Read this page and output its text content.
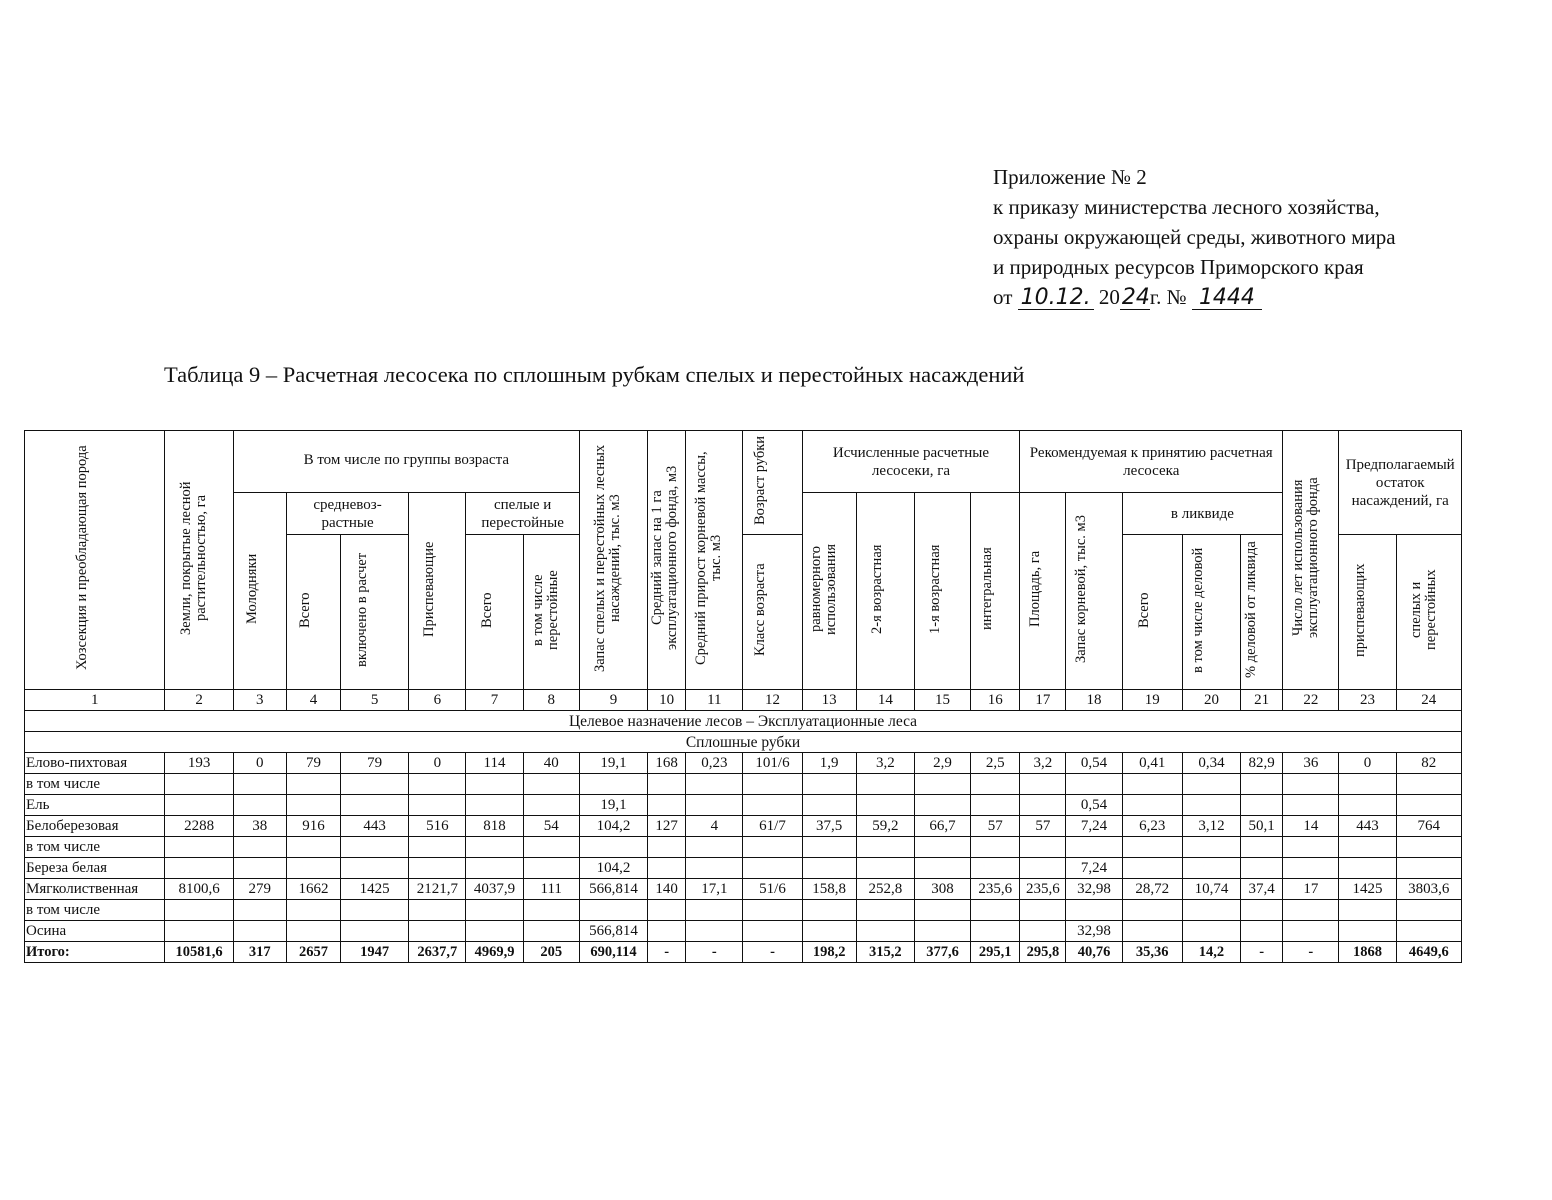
Приложение № 2
к приказу министерства лесного хозяйства,
охраны окружающей среды, животного мира
и природных ресурсов Приморского края
от 10.12. 2024г. № 1444
Таблица 9 – Расчетная лесосека по сплошным рубкам спелых и перестойных насаждений
Хозсекция и преобладающая порода	Земли, покрытые лесной растительностью, га	В том числе по группы возраста						Запас спелых и перестойных лесных насаждений, тыс. м3	Средний запас на 1 га эксплуатационного фонда, м3	Средний прирост корневой массы, тыс. м3	Возраст рубки	Исчисленные расчетные лесосеки, га				Рекомендуемая к принятию расчетная лесосека					Число лет использования эксплуатационного фонда	Предполагаемый остаток насаждений, га	
		Молодняки	средневоз-растные		Приспевающие	спелые и перестойные						равномерного использования	2-я возрастная	1-я возрастная	интегральная	Площадь, га	Запас корневой, тыс. м3	в ликвиде					
			Всего	включено в расчет		Всего	в том числе перестойные				Класс возраста							Всего	в том числе деловой	% деловой от ликвида		приспевающих	спелых и перестойных
1	2	3	4	5	6	7	8	9	10	11	12	13	14	15	16	17	18	19	20	21	22	23	24
Целевое назначение лесов – Эксплуатационные леса																							
Сплошные рубки																							
Елово-пихтовая	193	0	79	79	0	114	40	19,1	168	0,23	101/6	1,9	3,2	2,9	2,5	3,2	0,54	0,41	0,34	82,9	36	0	82
в том числе																							
Ель								19,1									0,54						
Белоберезовая	2288	38	916	443	516	818	54	104,2	127	4	61/7	37,5	59,2	66,7	57	57	7,24	6,23	3,12	50,1	14	443	764
в том числе																							
Береза белая								104,2									7,24						
Мягколиственная	8100,6	279	1662	1425	2121,7	4037,9	111	566,814	140	17,1	51/6	158,8	252,8	308	235,6	235,6	32,98	28,72	10,74	37,4	17	1425	3803,6
в том числе																							
Осина								566,814									32,98						
Итого:	10581,6	317	2657	1947	2637,7	4969,9	205	690,114	-	-	-	198,2	315,2	377,6	295,1	295,8	40,76	35,36	14,2	-	-	1868	4649,6
